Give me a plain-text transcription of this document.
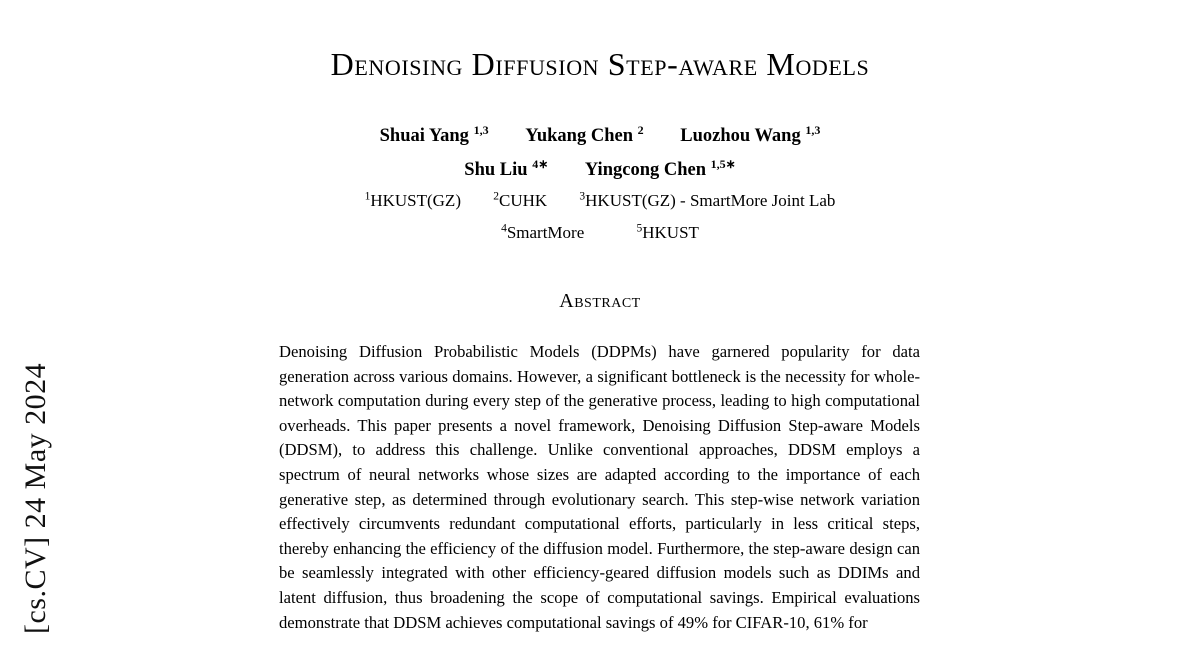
[cs.CV] 24 May 2024
Denoising Diffusion Step-aware Models
Shuai Yang $^{1,3}$ Yukang Chen $^2$ Luozhou Wang $^{1,3}$
Shu Liu $^{4∗}$ Yingcong Chen $^{1,5∗}$
$^1$HKUST(GZ)	$^2$CUHK	$^3$HKUST(GZ) - SmartMore Joint Lab
$^4$SmartMore	$^5$HKUST
Abstract

Denoising Diffusion Probabilistic Models (DDPMs) have garnered popularity for data generation across various domains. However, a significant bottleneck is the necessity for whole-network computation during every step of the generative process, leading to high computational overheads. This paper presents a novel framework, Denoising Diffusion Step-aware Models (DDSM), to address this challenge. Unlike conventional approaches, DDSM employs a spectrum of neural networks whose sizes are adapted according to the importance of each generative step, as determined through evolutionary search. This step-wise network variation effectively circumvents redundant computational efforts, particularly in less critical steps, thereby enhancing the efficiency of the diffusion model. Furthermore, the step-aware design can be seamlessly integrated with other efficiency-geared diffusion models such as DDIMs and latent diffusion, thus broadening the scope of computational savings. Empirical evaluations demonstrate that DDSM achieves computational savings of 49% for CIFAR-10, 61% for
